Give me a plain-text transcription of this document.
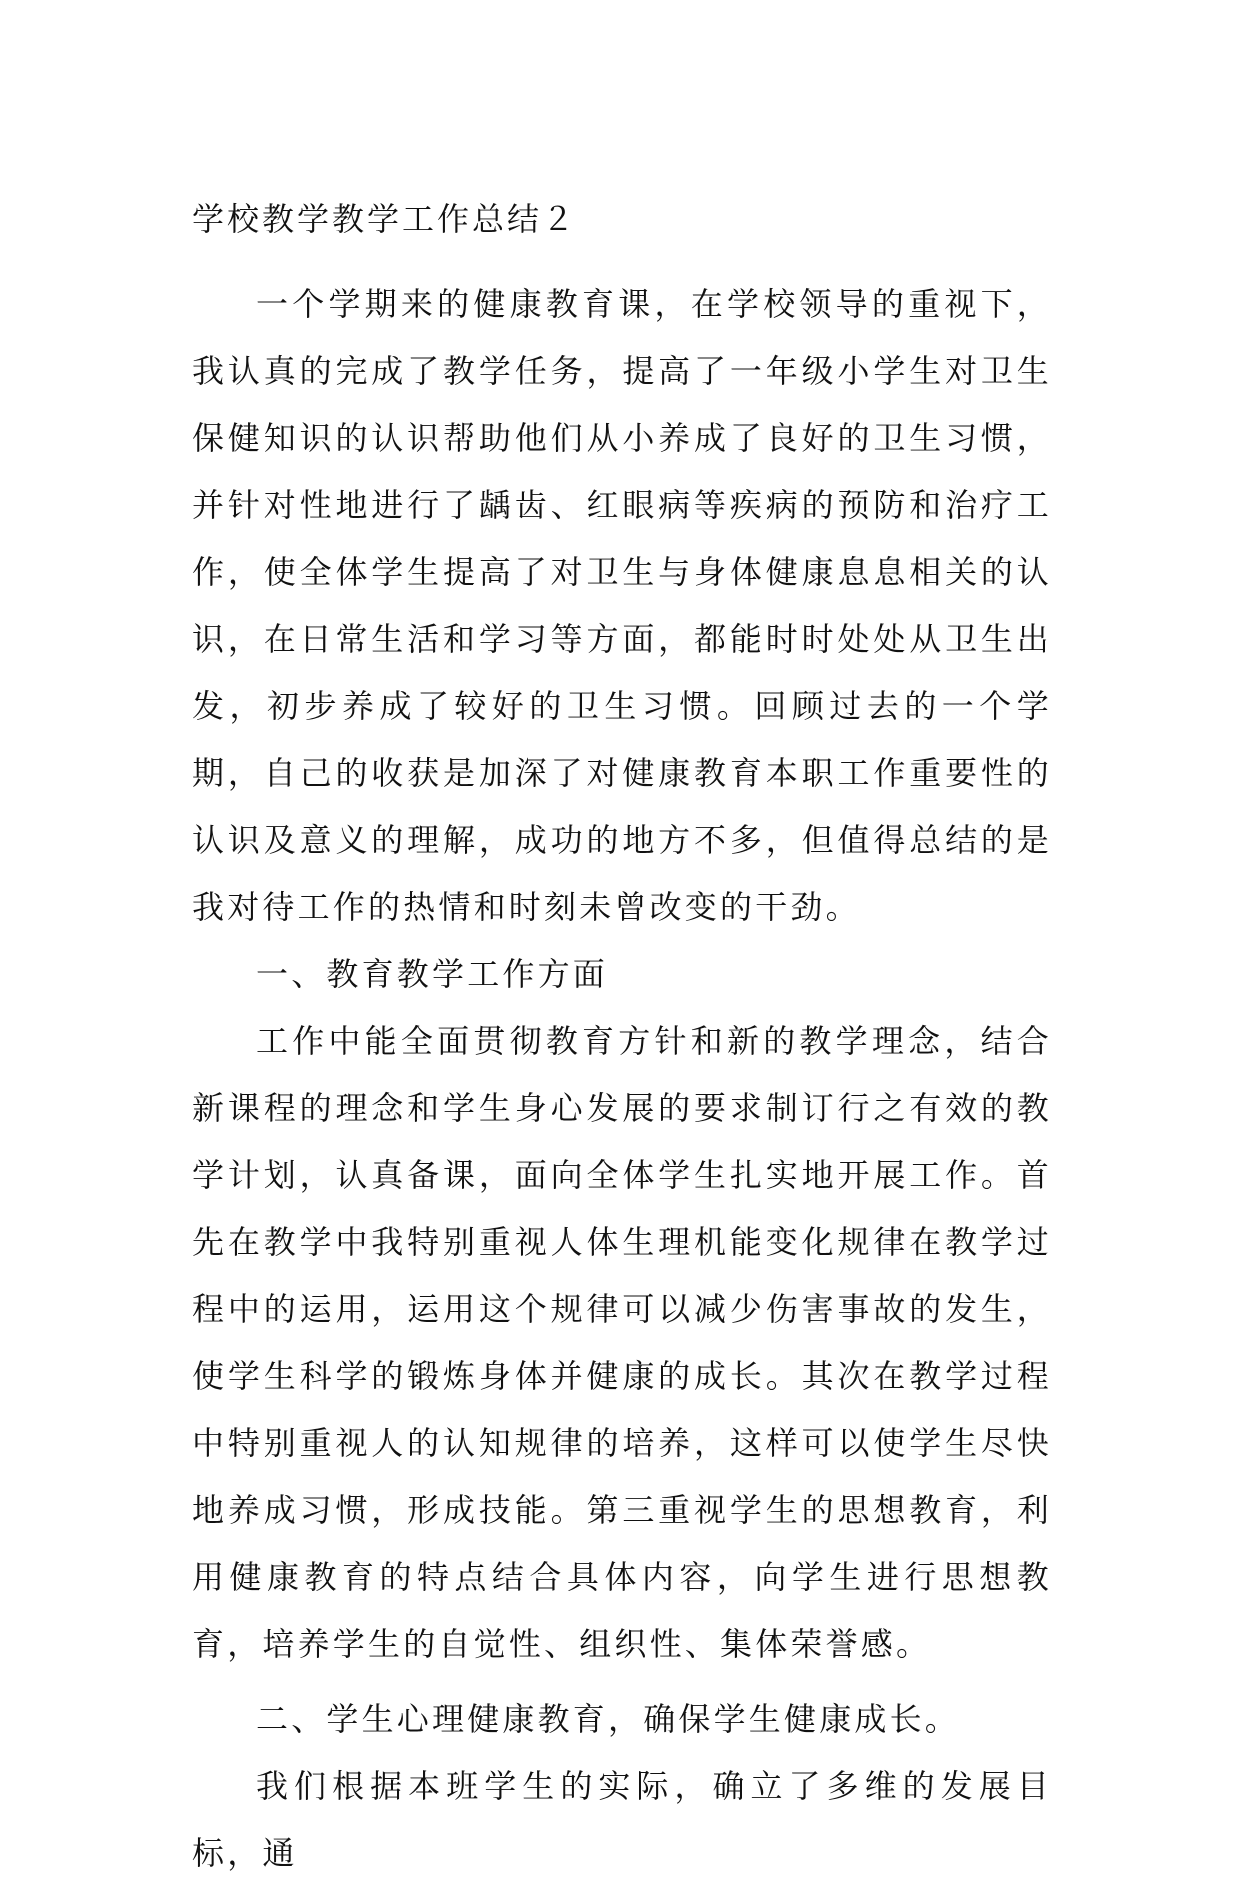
学校教学教学工作总结２

一个学期来的健康教育课，在学校领导的重视下，我认真的完成了教学任务，提高了一年级小学生对卫生保健知识的认识帮助他们从小养成了良好的卫生习惯，并针对性地进行了龋齿、红眼病等疾病的预防和治疗工作，使全体学生提高了对卫生与身体健康息息相关的认识，在日常生活和学习等方面，都能时时处处从卫生出发，初步养成了较好的卫生习惯。回顾过去的一个学期，自己的收获是加深了对健康教育本职工作重要性的认识及意义的理解，成功的地方不多，但值得总结的是我对待工作的热情和时刻未曾改变的干劲。

一、教育教学工作方面

工作中能全面贯彻教育方针和新的教学理念，结合新课程的理念和学生身心发展的要求制订行之有效的教学计划，认真备课，面向全体学生扎实地开展工作。首先在教学中我特别重视人体生理机能变化规律在教学过程中的运用，运用这个规律可以减少伤害事故的发生，使学生科学的锻炼身体并健康的成长。其次在教学过程中特别重视人的认知规律的培养，这样可以使学生尽快地养成习惯，形成技能。第三重视学生的思想教育，利用健康教育的特点结合具体内容，向学生进行思想教育，培养学生的自觉性、组织性、集体荣誉感。

二、学生心理健康教育，确保学生健康成长。

我们根据本班学生的实际，确立了多维的发展目标，通
